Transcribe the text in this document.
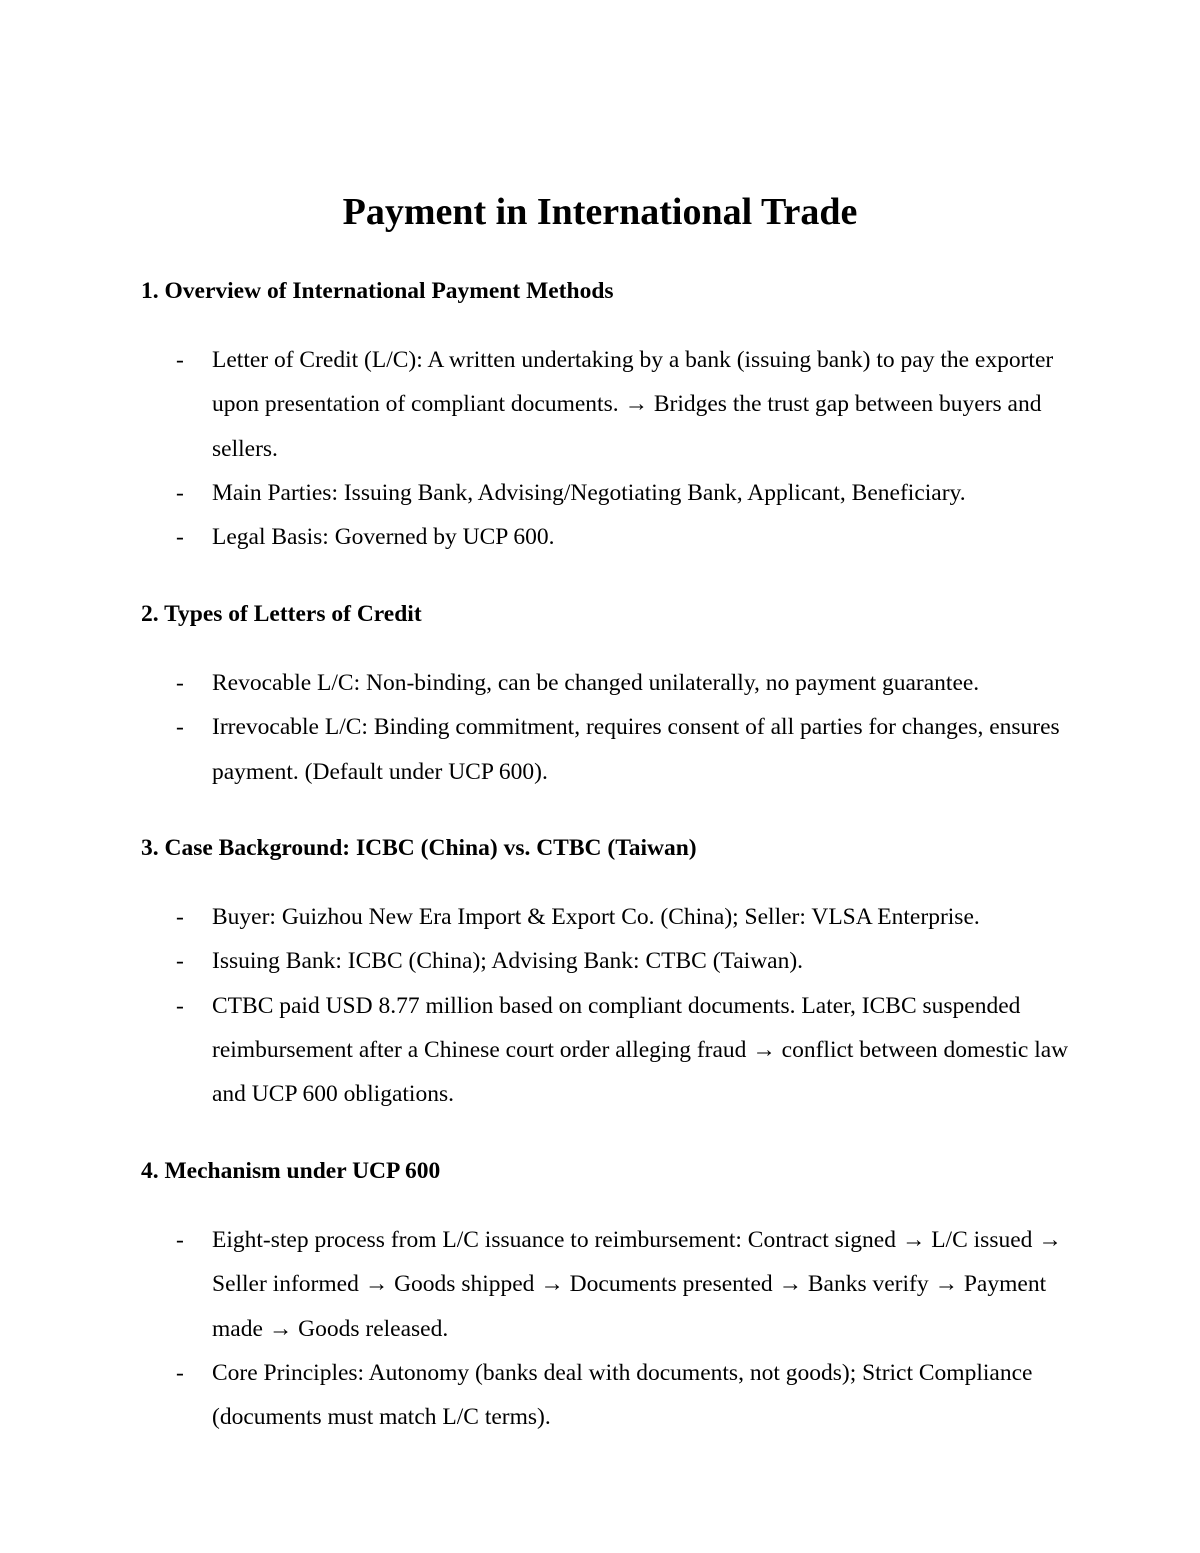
Payment in International Trade
1. Overview of International Payment Methods
- Letter of Credit (L/C): A written undertaking by a bank (issuing bank) to pay the exporter upon presentation of compliant documents. → Bridges the trust gap between buyers and sellers.
- Main Parties: Issuing Bank, Advising/Negotiating Bank, Applicant, Beneficiary.
- Legal Basis: Governed by UCP 600.
2. Types of Letters of Credit
- Revocable L/C: Non-binding, can be changed unilaterally, no payment guarantee.
- Irrevocable L/C: Binding commitment, requires consent of all parties for changes, ensures payment. (Default under UCP 600).
3. Case Background: ICBC (China) vs. CTBC (Taiwan)
- Buyer: Guizhou New Era Import & Export Co. (China); Seller: VLSA Enterprise.
- Issuing Bank: ICBC (China); Advising Bank: CTBC (Taiwan).
- CTBC paid USD 8.77 million based on compliant documents. Later, ICBC suspended reimbursement after a Chinese court order alleging fraud → conflict between domestic law and UCP 600 obligations.
4. Mechanism under UCP 600
- Eight-step process from L/C issuance to reimbursement: Contract signed → L/C issued → Seller informed → Goods shipped → Documents presented → Banks verify → Payment made → Goods released.
- Core Principles: Autonomy (banks deal with documents, not goods); Strict Compliance (documents must match L/C terms).
